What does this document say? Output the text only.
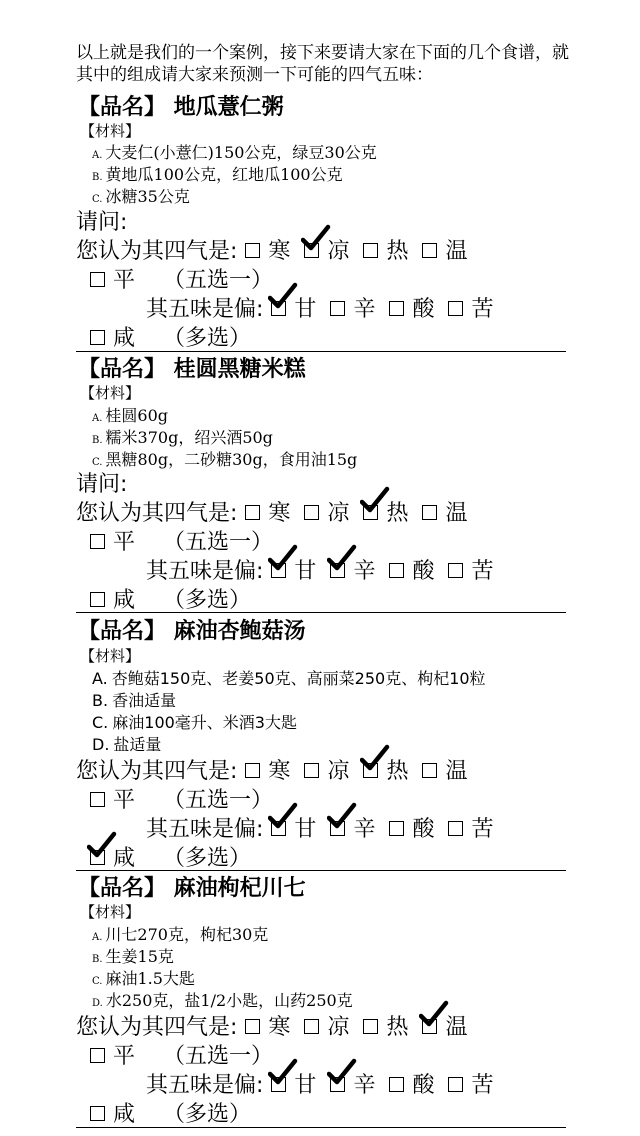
以上就是我们的一个案例，接下来要请大家在下面的几个食谱，就其中的组成请大家来预测一下可能的四气五味：
【品名】 地瓜薏仁粥
【材料】
A. 大麦仁(小薏仁)150公克，绿豆30公克
B. 黄地瓜100公克，红地瓜100公克
C. 冰糖35公克
请问:
您认为其四气是: 寒 凉 热 温
平 （五选一）
其五味是偏: 甘 辛 酸 苦
咸 （多选）
【品名】 桂圆黑糖米糕
【材料】
A. 桂圆60g
B. 糯米370g，绍兴酒50g
C. 黑糖80g，二砂糖30g，食用油15g
请问:
您认为其四气是: 寒 凉 热 温
平 （五选一）
其五味是偏: 甘 辛 酸 苦
咸 （多选）
【品名】 麻油杏鲍菇汤
【材料】
A. 杏鲍菇150克、老姜50克、高丽菜250克、枸杞10粒
B. 香油适量
C. 麻油100毫升、米酒3大匙
D. 盐适量
您认为其四气是: 寒 凉 热 温
平 （五选一）
其五味是偏: 甘 辛 酸 苦
咸 （多选）
【品名】 麻油枸杞川七
【材料】
A. 川七270克，枸杞30克
B. 生姜15克
C. 麻油1.5大匙
D. 水250克，盐1/2小匙，山药250克
您认为其四气是: 寒 凉 热 温
平 （五选一）
其五味是偏: 甘 辛 酸 苦
咸 （多选）
